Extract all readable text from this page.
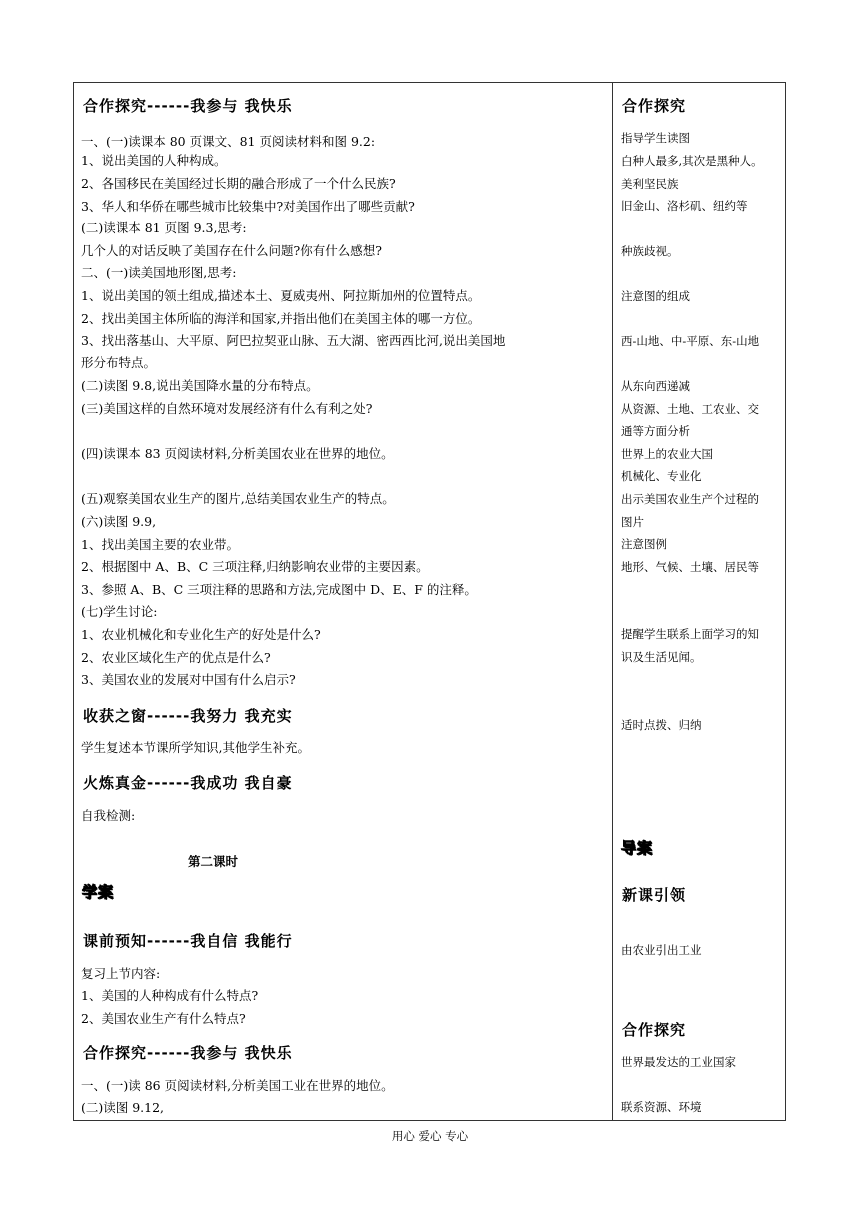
合作探究------我参与 我快乐
一、(一)读课本 80 页课文、81 页阅读材料和图 9.2:
1、说出美国的人种构成。
2、各国移民在美国经过长期的融合形成了一个什么民族?
3、华人和华侨在哪些城市比较集中?对美国作出了哪些贡献?
(二)读课本 81 页图 9.3,思考:
几个人的对话反映了美国存在什么问题?你有什么感想?
二、(一)读美国地形图,思考:
1、说出美国的领土组成,描述本土、夏威夷州、阿拉斯加州的位置特点。
2、找出美国主体所临的海洋和国家,并指出他们在美国主体的哪一方位。
3、找出落基山、大平原、阿巴拉契亚山脉、五大湖、密西西比河,说出美国地
形分布特点。
(二)读图 9.8,说出美国降水量的分布特点。
(三)美国这样的自然环境对发展经济有什么有利之处?
(四)读课本 83 页阅读材料,分析美国农业在世界的地位。
(五)观察美国农业生产的图片,总结美国农业生产的特点。
(六)读图 9.9,
1、找出美国主要的农业带。
2、根据图中 A、B、C 三项注释,归纳影响农业带的主要因素。
3、参照 A、B、C 三项注释的思路和方法,完成图中 D、E、F 的注释。
(七)学生讨论:
1、农业机械化和专业化生产的好处是什么?
2、农业区域化生产的优点是什么?
3、美国农业的发展对中国有什么启示?
收获之窗------我努力 我充实
学生复述本节课所学知识,其他学生补充。
火炼真金------我成功 我自豪
自我检测:
第二课时
学案
课前预知------我自信 我能行
复习上节内容:
1、美国的人种构成有什么特点?
2、美国农业生产有什么特点?
合作探究------我参与 我快乐
一、(一)读 86 页阅读材料,分析美国工业在世界的地位。
(二)读图 9.12,
合作探究
指导学生读图
白种人最多,其次是黑种人。
美利坚民族
旧金山、洛杉矶、纽约等
种族歧视。
注意图的组成
西-山地、中-平原、东-山地
从东向西递减
从资源、土地、工农业、交
通等方面分析
世界上的农业大国
机械化、专业化
出示美国农业生产个过程的
图片
注意图例
地形、气候、土壤、居民等
提醒学生联系上面学习的知
识及生活见闻。
适时点拨、归纳
导案
新课引领
由农业引出工业
合作探究
世界最发达的工业国家
联系资源、环境
用心 爱心 专心
